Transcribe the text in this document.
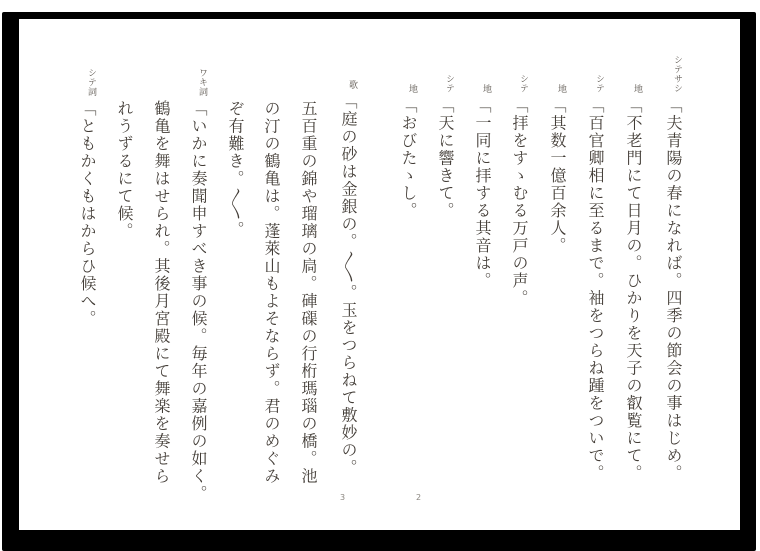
シテサシ
「夫青陽の春になれば。四季の節会の事はじめ。
地
「不老門にて日月の。ひかりを天子の叡覧にて。
シテ
「百官卿相に至るまで。袖をつらね踵をついで。
地
「其数一億百余人。
シテ
「拝をすゝむる万戸の声。
地
「一同に拝する其音は。
シテ
「天に響きて。
地
「おびたゝし。
歌
「庭の砂は金銀の。〱。玉をつらねて敷妙の。
五百重の錦や瑠璃の扃。硨磲の行桁瑪瑙の橋。池
の汀の鶴亀は。蓬萊山もよそならず。君のめぐみ
ぞ有難き。〱。
ワキ詞
「いかに奏聞申すべき事の候。毎年の嘉例の如く。
鶴亀を舞はせられ。其後月宮殿にて舞楽を奏せら
れうずるにて候。
シテ詞
「ともかくもはからひ候へ。
2
3
